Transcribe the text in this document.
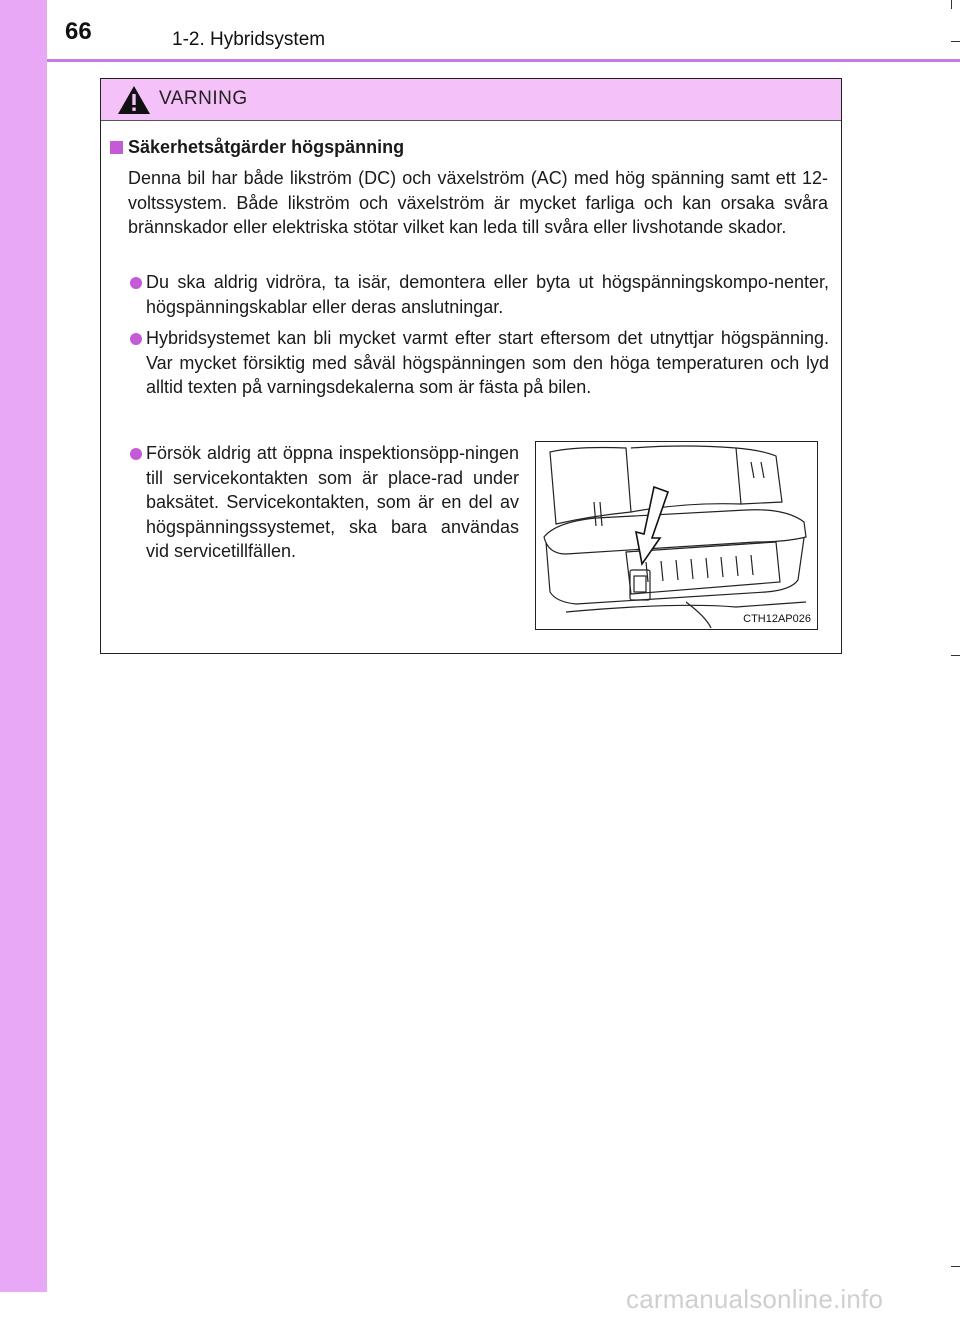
66	1-2. Hybridsystem
VARNING
Säkerhetsåtgärder högspänning
Denna bil har både likström (DC) och växelström (AC) med hög spänning samt ett 12-voltssystem. Både likström och växelström är mycket farliga och kan orsaka svåra brännskador eller elektriska stötar vilket kan leda till svåra eller livshotande skador.
Du ska aldrig vidröra, ta isär, demontera eller byta ut högspänningskompo-nenter, högspänningskablar eller deras anslutningar.
Hybridsystemet kan bli mycket varmt efter start eftersom det utnyttjar högspänning. Var mycket försiktig med såväl högspänningen som den höga temperaturen och lyd alltid texten på varningsdekalerna som är fästa på bilen.
Försök aldrig att öppna inspektionsöpp-ningen till servicekontakten som är place-rad under baksätet. Servicekontakten, som är en del av högspänningssystemet, ska bara användas vid servicetillfällen.
CTH12AP026
carmanualsonline.info
